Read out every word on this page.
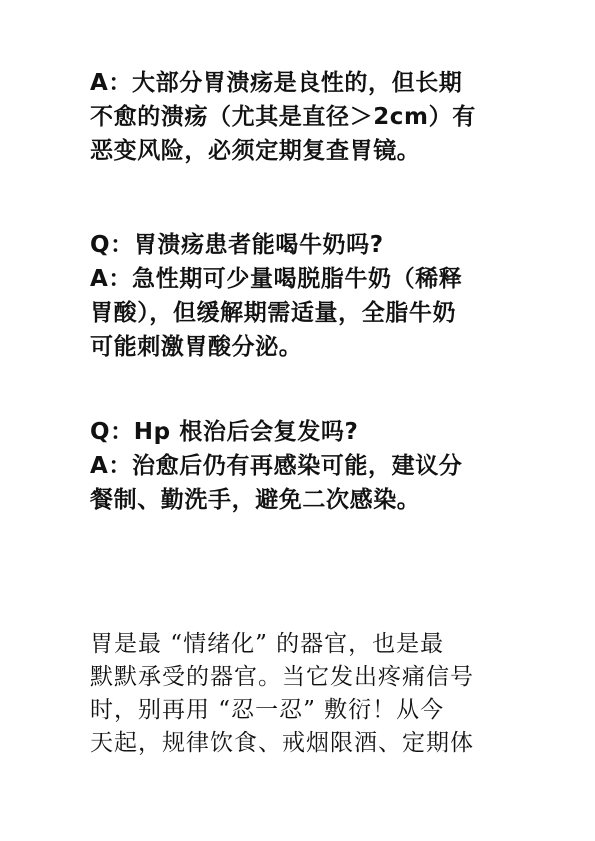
A：大部分胃溃疡是良性的，但长期
不愈的溃疡（尤其是直径＞2cm）有
恶变风险，必须定期复查胃镜。
Q：胃溃疡患者能喝牛奶吗?
A：急性期可少量喝脱脂牛奶（稀释
胃酸），但缓解期需适量，全脂牛奶
可能刺激胃酸分泌。
Q：Hp 根治后会复发吗?
A：治愈后仍有再感染可能，建议分
餐制、勤洗手，避免二次感染。
胃是最 “情绪化” 的器官，也是最
默默承受的器官。当它发出疼痛信号
时，别再用 “忍一忍” 敷衍！从今
天起，规律饮食、戒烟限酒、定期体
